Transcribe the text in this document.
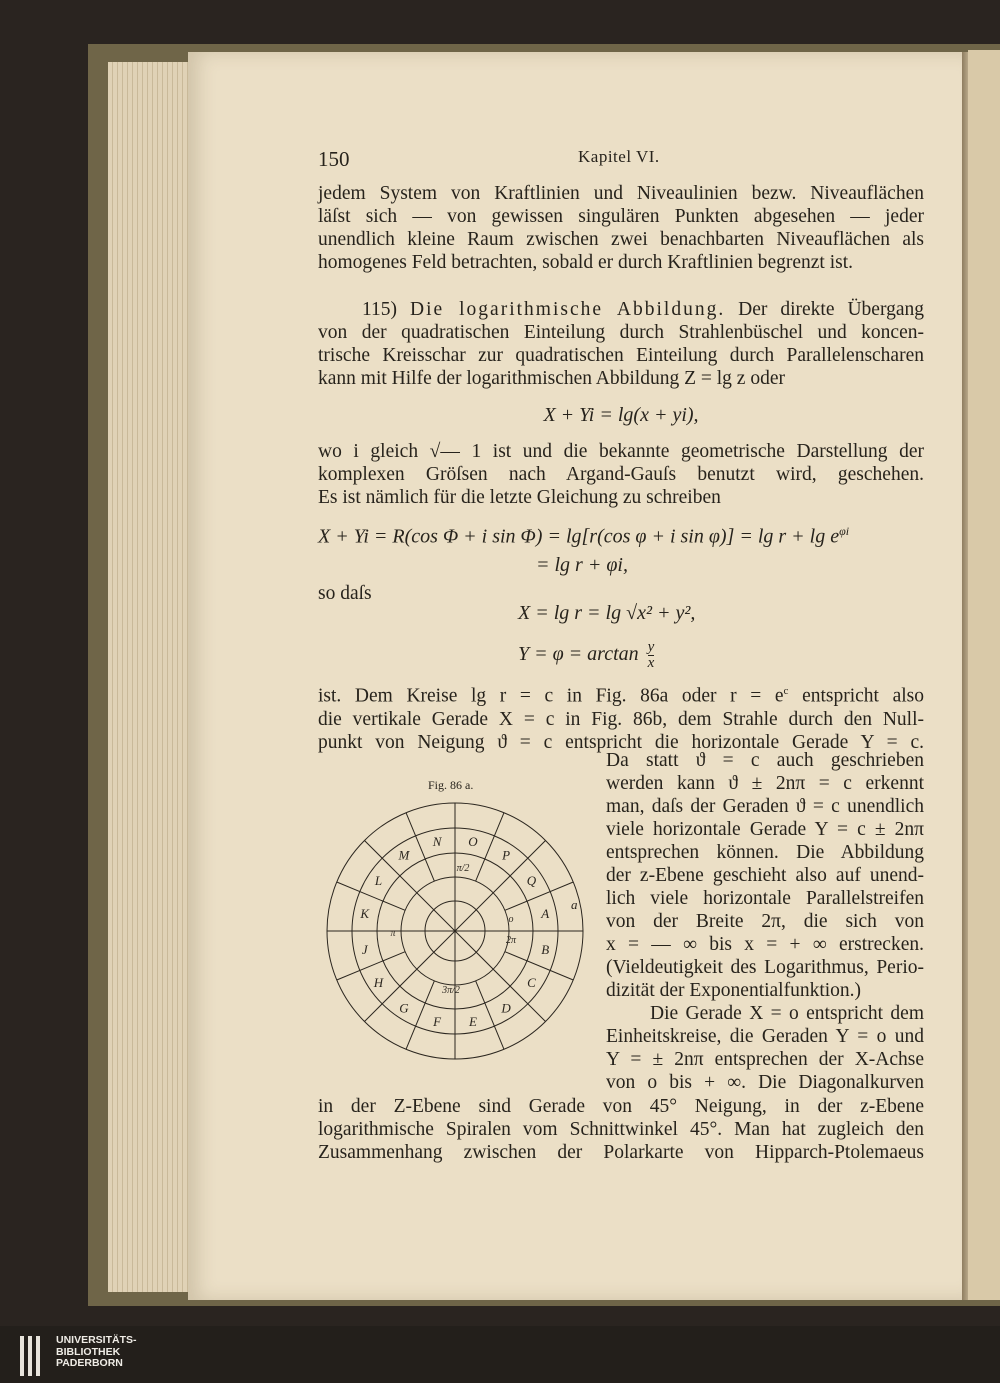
150	Kapitel VI.
jedem System von Kraftlinien und Niveaulinien bezw. Niveauflächen
läſst sich — von gewissen singulären Punkten abgesehen — jeder
unendlich kleine Raum zwischen zwei benachbarten Niveauflächen als
homogenes Feld betrachten, sobald er durch Kraftlinien begrenzt ist.
115) Die logarithmische Abbildung. Der direkte Übergang
von der quadratischen Einteilung durch Strahlenbüschel und koncen-
trische Kreisschar zur quadratischen Einteilung durch Parallelenscharen
kann mit Hilfe der logarithmischen Abbildung Z = lg z oder
X + Yi = lg(x + yi),
wo i gleich √— 1 ist und die bekannte geometrische Darstellung der
komplexen Gröſsen nach Argand-Gauſs benutzt wird, geschehen.
Es ist nämlich für die letzte Gleichung zu schreiben
X + Yi = R(cos Φ + i sin Φ) = lg[r(cos φ + i $\sin \varphi)] = \lg r + \lg e^{\varphi i}$
= lg r + φi,
so daſs
X = lg r = lg √x² + y²,
$Y = \varphi = \arctan \frac{y}{x}$
ist. Dem Kreise lg r = c in Fig. 86a oder $r = e^c$ entspricht also
die vertikale Gerade X = c in Fig. 86b, dem Strahle durch den Null-
punkt von Neigung ϑ = c entspricht die horizontale Gerade Y = c.
Da statt ϑ = c auch geschrieben
werden kann ϑ ± 2nπ = c erkennt
man, daſs der Geraden ϑ = c unendlich
viele horizontale Gerade Y = c ± 2nπ
entsprechen können. Die Abbildung
der z-Ebene geschieht also auf unend-
lich viele horizontale Parallelstreifen
von der Breite 2π, die sich von
x = — ∞ bis x = + ∞ erstrecken.
(Vieldeutigkeit des Logarithmus, Perio-
dizität der Exponentialfunktion.)
Die Gerade X = o entspricht dem
Einheitskreise, die Geraden Y = o und
Y = ± 2nπ entsprechen der X-Achse
von o bis + ∞. Die Diagonalkurven
Fig. 86 a.
A
B
C
D
E
F
G
H
J
K
L
M
N O
P
Q
a
π/2
π
o
2π
3π/2
in der Z-Ebene sind Gerade von 45° Neigung, in der z-Ebene
logarithmische Spiralen vom Schnittwinkel 45°. Man hat zugleich den
Zusammenhang zwischen der Polarkarte von Hipparch-Ptolemaeus
UNIVERSITÄTS-
BIBLIOTHEK
PADERBORN
